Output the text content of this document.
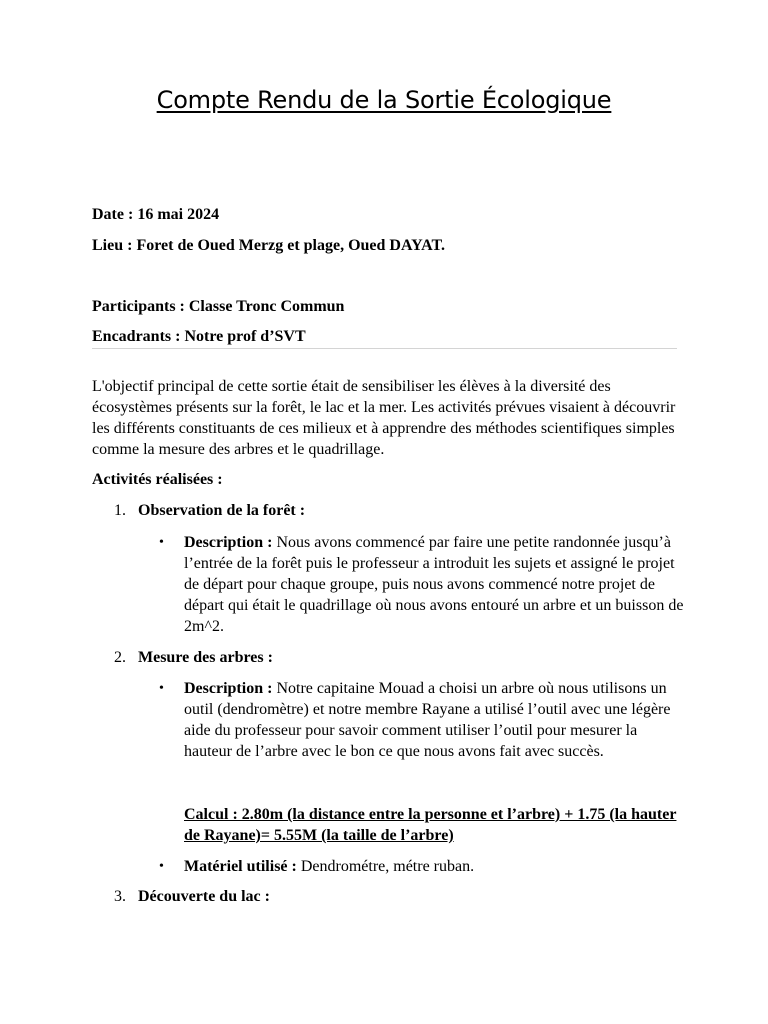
Compte Rendu de la Sortie Écologique
Date : 16 mai 2024
Lieu : Foret de Oued Merzg et plage, Oued DAYAT.
Participants : Classe Tronc Commun
Encadrants : Notre prof d’SVT
L'objectif principal de cette sortie était de sensibiliser les élèves à la diversité des écosystèmes présents sur la forêt, le lac et la mer. Les activités prévues visaient à découvrir les différents constituants de ces milieux et à apprendre des méthodes scientifiques simples comme la mesure des arbres et le quadrillage.
Activités réalisées :
1. Observation de la forêt :
• Description : Nous avons commencé par faire une petite randonnée jusqu’à l’entrée de la forêt puis le professeur a introduit les sujets et assigné le projet de départ pour chaque groupe, puis nous avons commencé notre projet de départ qui était le quadrillage où nous avons entouré un arbre et un buisson de 2m^2.
2. Mesure des arbres :
• Description : Notre capitaine Mouad a choisi un arbre où nous utilisons un outil (dendromètre) et notre membre Rayane a utilisé l’outil avec une légère aide du professeur pour savoir comment utiliser l’outil pour mesurer la hauteur de l’arbre avec le bon ce que nous avons fait avec succès.
Calcul : 2.80m (la distance entre la personne et l’arbre) + 1.75 (la hauter de Rayane)= 5.55M (la taille de l’arbre)
• Matériel utilisé : Dendrométre, métre ruban.
3. Découverte du lac :
